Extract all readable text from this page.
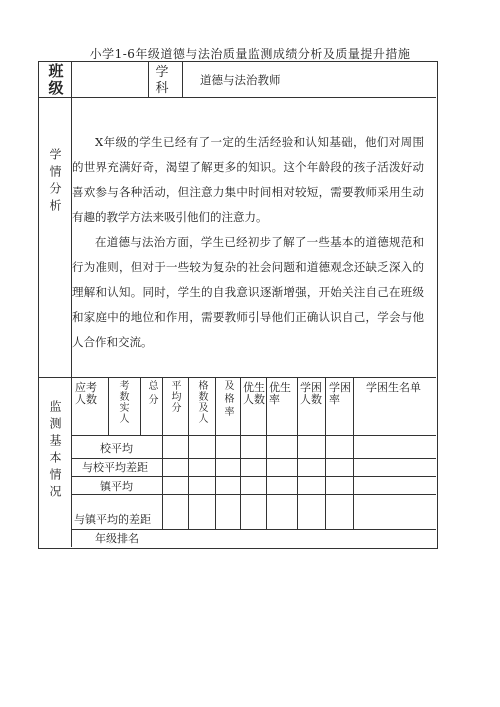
小学1-6年级道德与法治质量监测成绩分析及质量提升措施
班级
学科
道德与法治教师
学情分析
X年级的学生已经有了一定的生活经验和认知基础，他们对周围的世界充满好奇，渴望了解更多的知识。这个年龄段的孩子活泼好动喜欢参与各种活动，但注意力集中时间相对较短，需要教师采用生动有趣的教学方法来吸引他们的注意力。
在道德与法治方面，学生已经初步了解了一些基本的道德规范和行为准则，但对于一些较为复杂的社会问题和道德观念还缺乏深入的理解和认知。同时，学生的自我意识逐渐增强，开始关注自己在班级和家庭中的地位和作用，需要教师引导他们正确认识自己，学会与他人合作和交流。
监测基本情况
应考人数	考数实人 总分 平均分 格数及人 及格率 优生人数
优生率
学困人数
学困率
学困生名单
校平均
与校平均差距
镇平均
与镇平均的差距
年级排名
